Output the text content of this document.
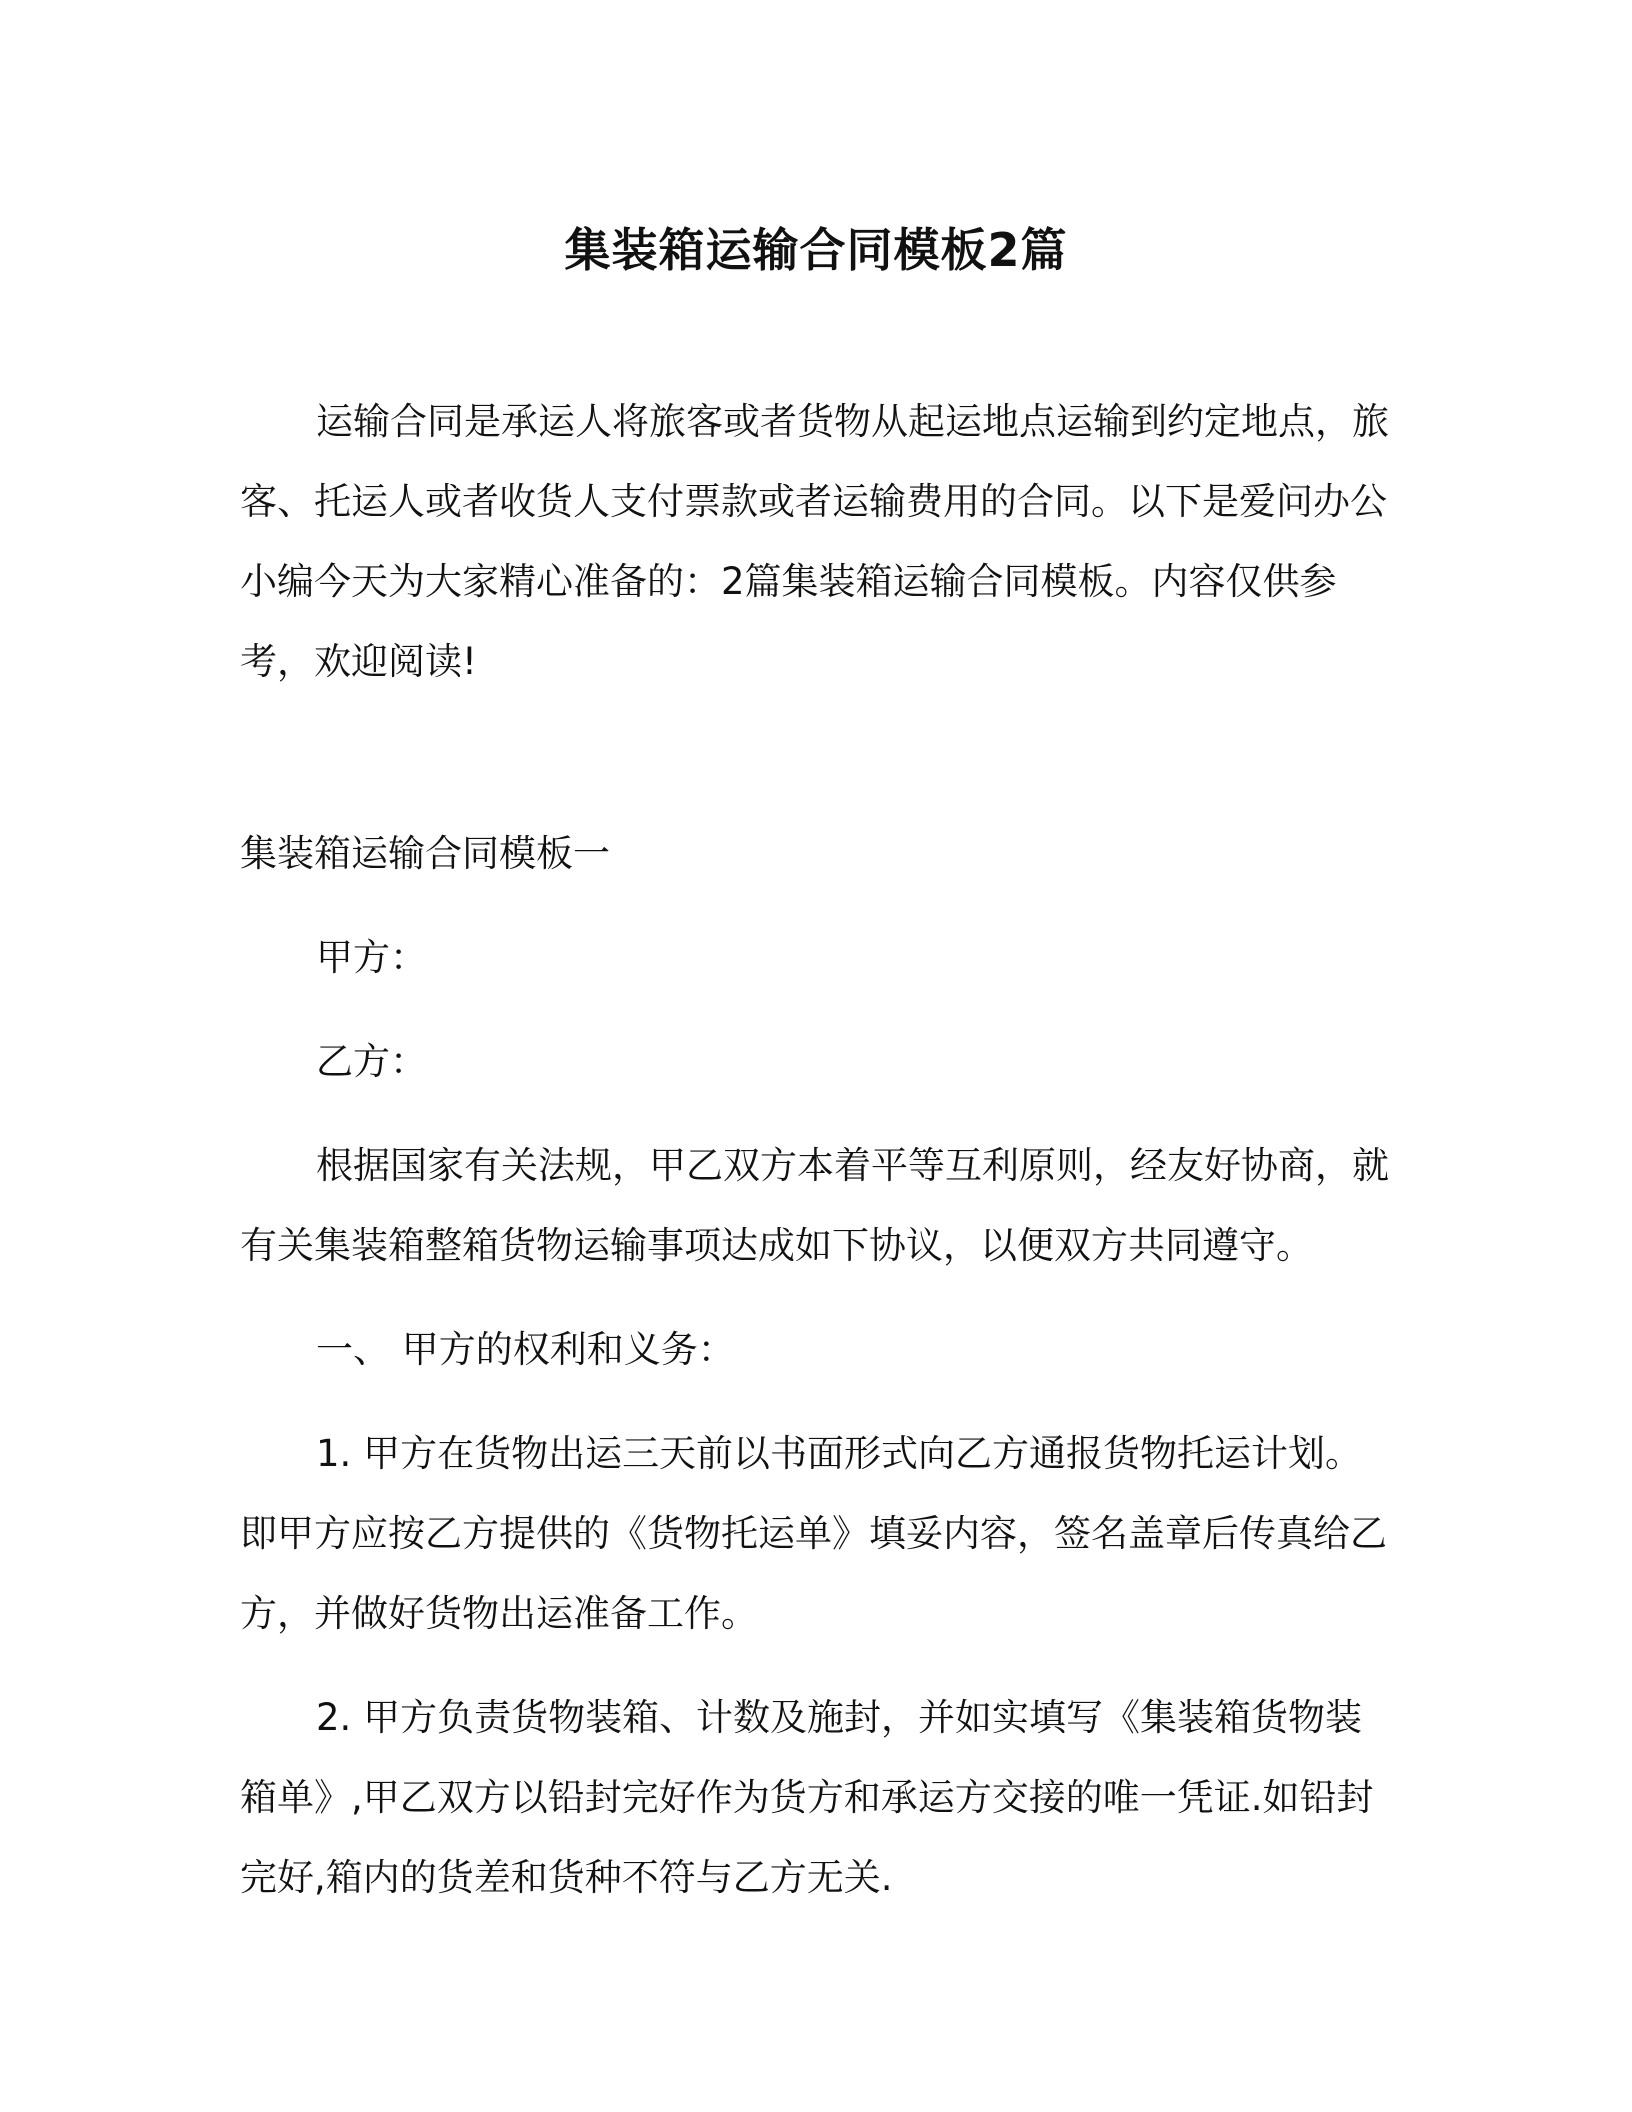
集装箱运输合同模板2篇

运输合同是承运人将旅客或者货物从起运地点运输到约定地点，旅客、托运人或者收货人支付票款或者运输费用的合同。以下是爱问办公小编今天为大家精心准备的：2篇集装箱运输合同模板。内容仅供参考，欢迎阅读!

集装箱运输合同模板一

甲方：

乙方：

根据国家有关法规，甲乙双方本着平等互利原则，经友好协商，就有关集装箱整箱货物运输事项达成如下协议，以便双方共同遵守。

一、 甲方的权利和义务：

1. 甲方在货物出运三天前以书面形式向乙方通报货物托运计划。即甲方应按乙方提供的《货物托运单》填妥内容，签名盖章后传真给乙方，并做好货物出运准备工作。

2. 甲方负责货物装箱、计数及施封，并如实填写《集装箱货物装箱单》,甲乙双方以铅封完好作为货方和承运方交接的唯一凭证.如铅封完好,箱内的货差和货种不符与乙方无关.
